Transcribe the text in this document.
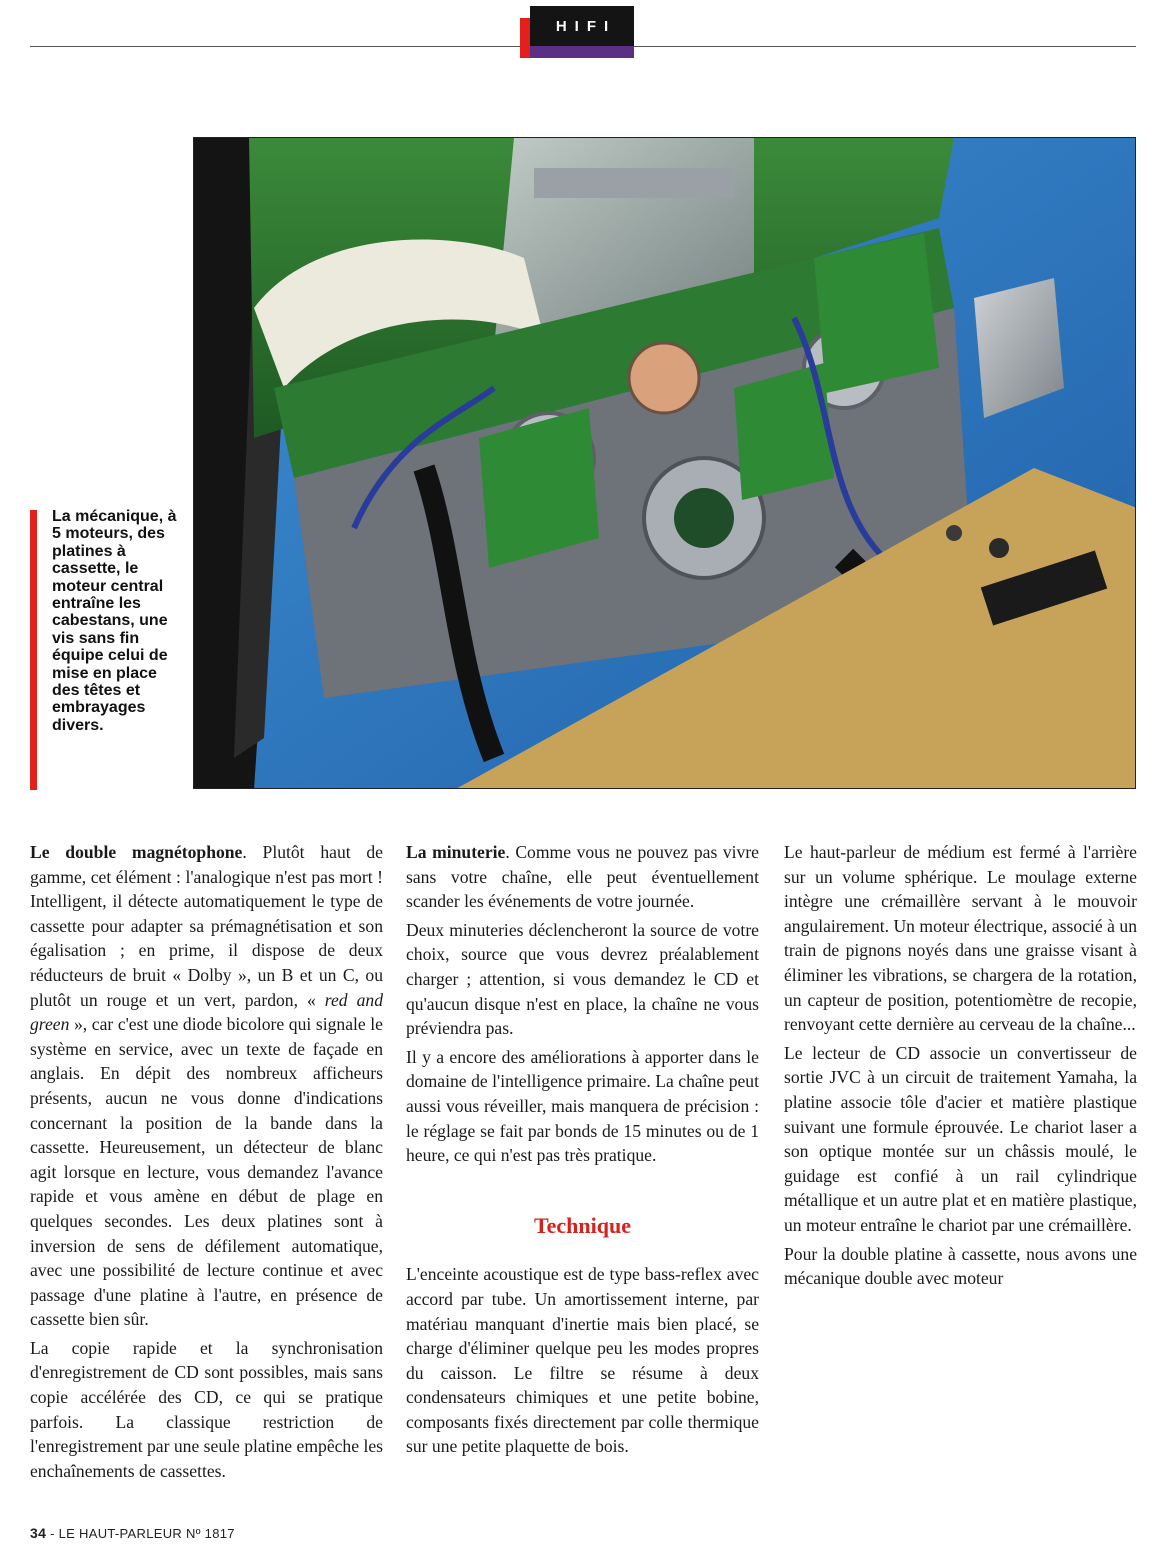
HIFI
La mécanique, à 5 moteurs, des platines à cassette, le moteur central entraîne les cabestans, une vis sans fin équipe celui de mise en place des têtes et embrayages divers.

Le double magnétophone. Plutôt haut de gamme, cet élément : l'analogique n'est pas mort ! Intelligent, il détecte automatiquement le type de cassette pour adapter sa prémagnétisation et son égalisation ; en prime, il dispose de deux réducteurs de bruit « Dolby », un B et un C, ou plutôt un rouge et un vert, pardon, « red and green », car c'est une diode bicolore qui signale le système en service, avec un texte de façade en anglais. En dépit des nombreux afficheurs présents, aucun ne vous donne d'indications concernant la position de la bande dans la cassette. Heureusement, un détecteur de blanc agit lorsque en lecture, vous demandez l'avance rapide et vous amène en début de plage en quelques secondes. Les deux platines sont à inversion de sens de défilement automatique, avec une possibilité de lecture continue et avec passage d'une platine à l'autre, en présence de cassette bien sûr.

La copie rapide et la synchronisation d'enregistrement de CD sont possibles, mais sans copie accélérée des CD, ce qui se pratique parfois. La classique restriction de l'enregistrement par une seule platine empêche les enchaînements de cassettes.

La minuterie. Comme vous ne pouvez pas vivre sans votre chaîne, elle peut éventuellement scander les événements de votre journée.

Deux minuteries déclencheront la source de votre choix, source que vous devrez préalablement charger ; attention, si vous demandez le CD et qu'aucun disque n'est en place, la chaîne ne vous préviendra pas.

Il y a encore des améliorations à apporter dans le domaine de l'intelligence primaire. La chaîne peut aussi vous réveiller, mais manquera de précision : le réglage se fait par bonds de 15 minutes ou de 1 heure, ce qui n'est pas très pratique.

Technique

L'enceinte acoustique est de type bass-reflex avec accord par tube. Un amortissement interne, par matériau manquant d'inertie mais bien placé, se charge d'éliminer quelque peu les modes propres du caisson. Le filtre se résume à deux condensateurs chimiques et une petite bobine, composants fixés directement par colle thermique sur une petite plaquette de bois.

Le haut-parleur de médium est fermé à l'arrière sur un volume sphérique. Le moulage externe intègre une crémaillère servant à le mouvoir angulairement. Un moteur électrique, associé à un train de pignons noyés dans une graisse visant à éliminer les vibrations, se chargera de la rotation, un capteur de position, potentiomètre de recopie, renvoyant cette dernière au cerveau de la chaîne...

Le lecteur de CD associe un convertisseur de sortie JVC à un circuit de traitement Yamaha, la platine associe tôle d'acier et matière plastique suivant une formule éprouvée. Le chariot laser a son optique montée sur un châssis moulé, le guidage est confié à un rail cylindrique métallique et un autre plat et en matière plastique, un moteur entraîne le chariot par une crémaillère.

Pour la double platine à cassette, nous avons une mécanique double avec moteur

34 - LE HAUT-PARLEUR Nº 1817
